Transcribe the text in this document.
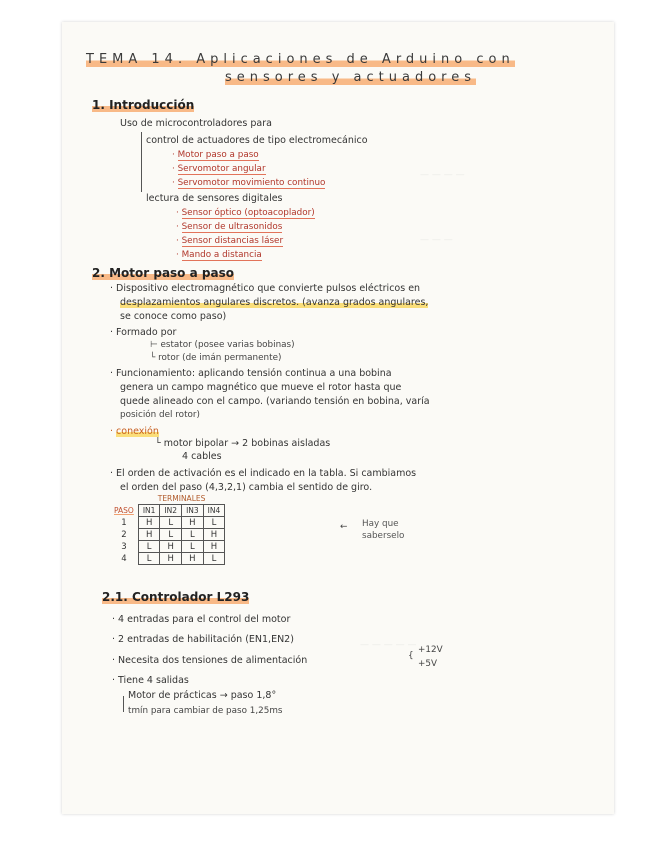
— — — —
— — —
— — — — —
TEMA 14. Aplicaciones de Arduino con
sensores y actuadores
1. Introducción
Uso de microcontroladores para
control de actuadores de tipo electromecánico
· Motor paso a paso
· Servomotor angular
· Servomotor movimiento continuo
lectura de sensores digitales
· Sensor óptico (optoacoplador)
· Sensor de ultrasonidos
· Sensor distancias láser
· Mando a distancia
2. Motor paso a paso
· Dispositivo electromagnético que convierte pulsos eléctricos en
desplazamientos angulares discretos. (avanza grados angulares,
se conoce como paso)
· Formado por
⊢ estator (posee varias bobinas)
└ rotor (de imán permanente)
· Funcionamiento: aplicando tensión continua a una bobina
genera un campo magnético que mueve el rotor hasta que
quede alineado con el campo. (variando tensión en bobina, varía
posición del rotor)
· conexión
└ motor bipolar → 2 bobinas aisladas
4 cables
· El orden de activación es el indicado en la tabla. Si cambiamos
el orden del paso (4,3,2,1) cambia el sentido de giro.
	TERMINALES			
PASO	IN1	IN2	IN3	IN4
1	H	L	H	L
2	H	L	L	H
3	L	H	L	H
4	L	H	H	L
← Hay que
saberselo
2.1. Controlador L293
· 4 entradas para el control del motor
· 2 entradas de habilitación (EN1,EN2)
· Necesita dos tensiones de alimentación	{
+12V
+5V
· Tiene 4 salidas
Motor de prácticas → paso 1,8°
tmín para cambiar de paso 1,25ms
